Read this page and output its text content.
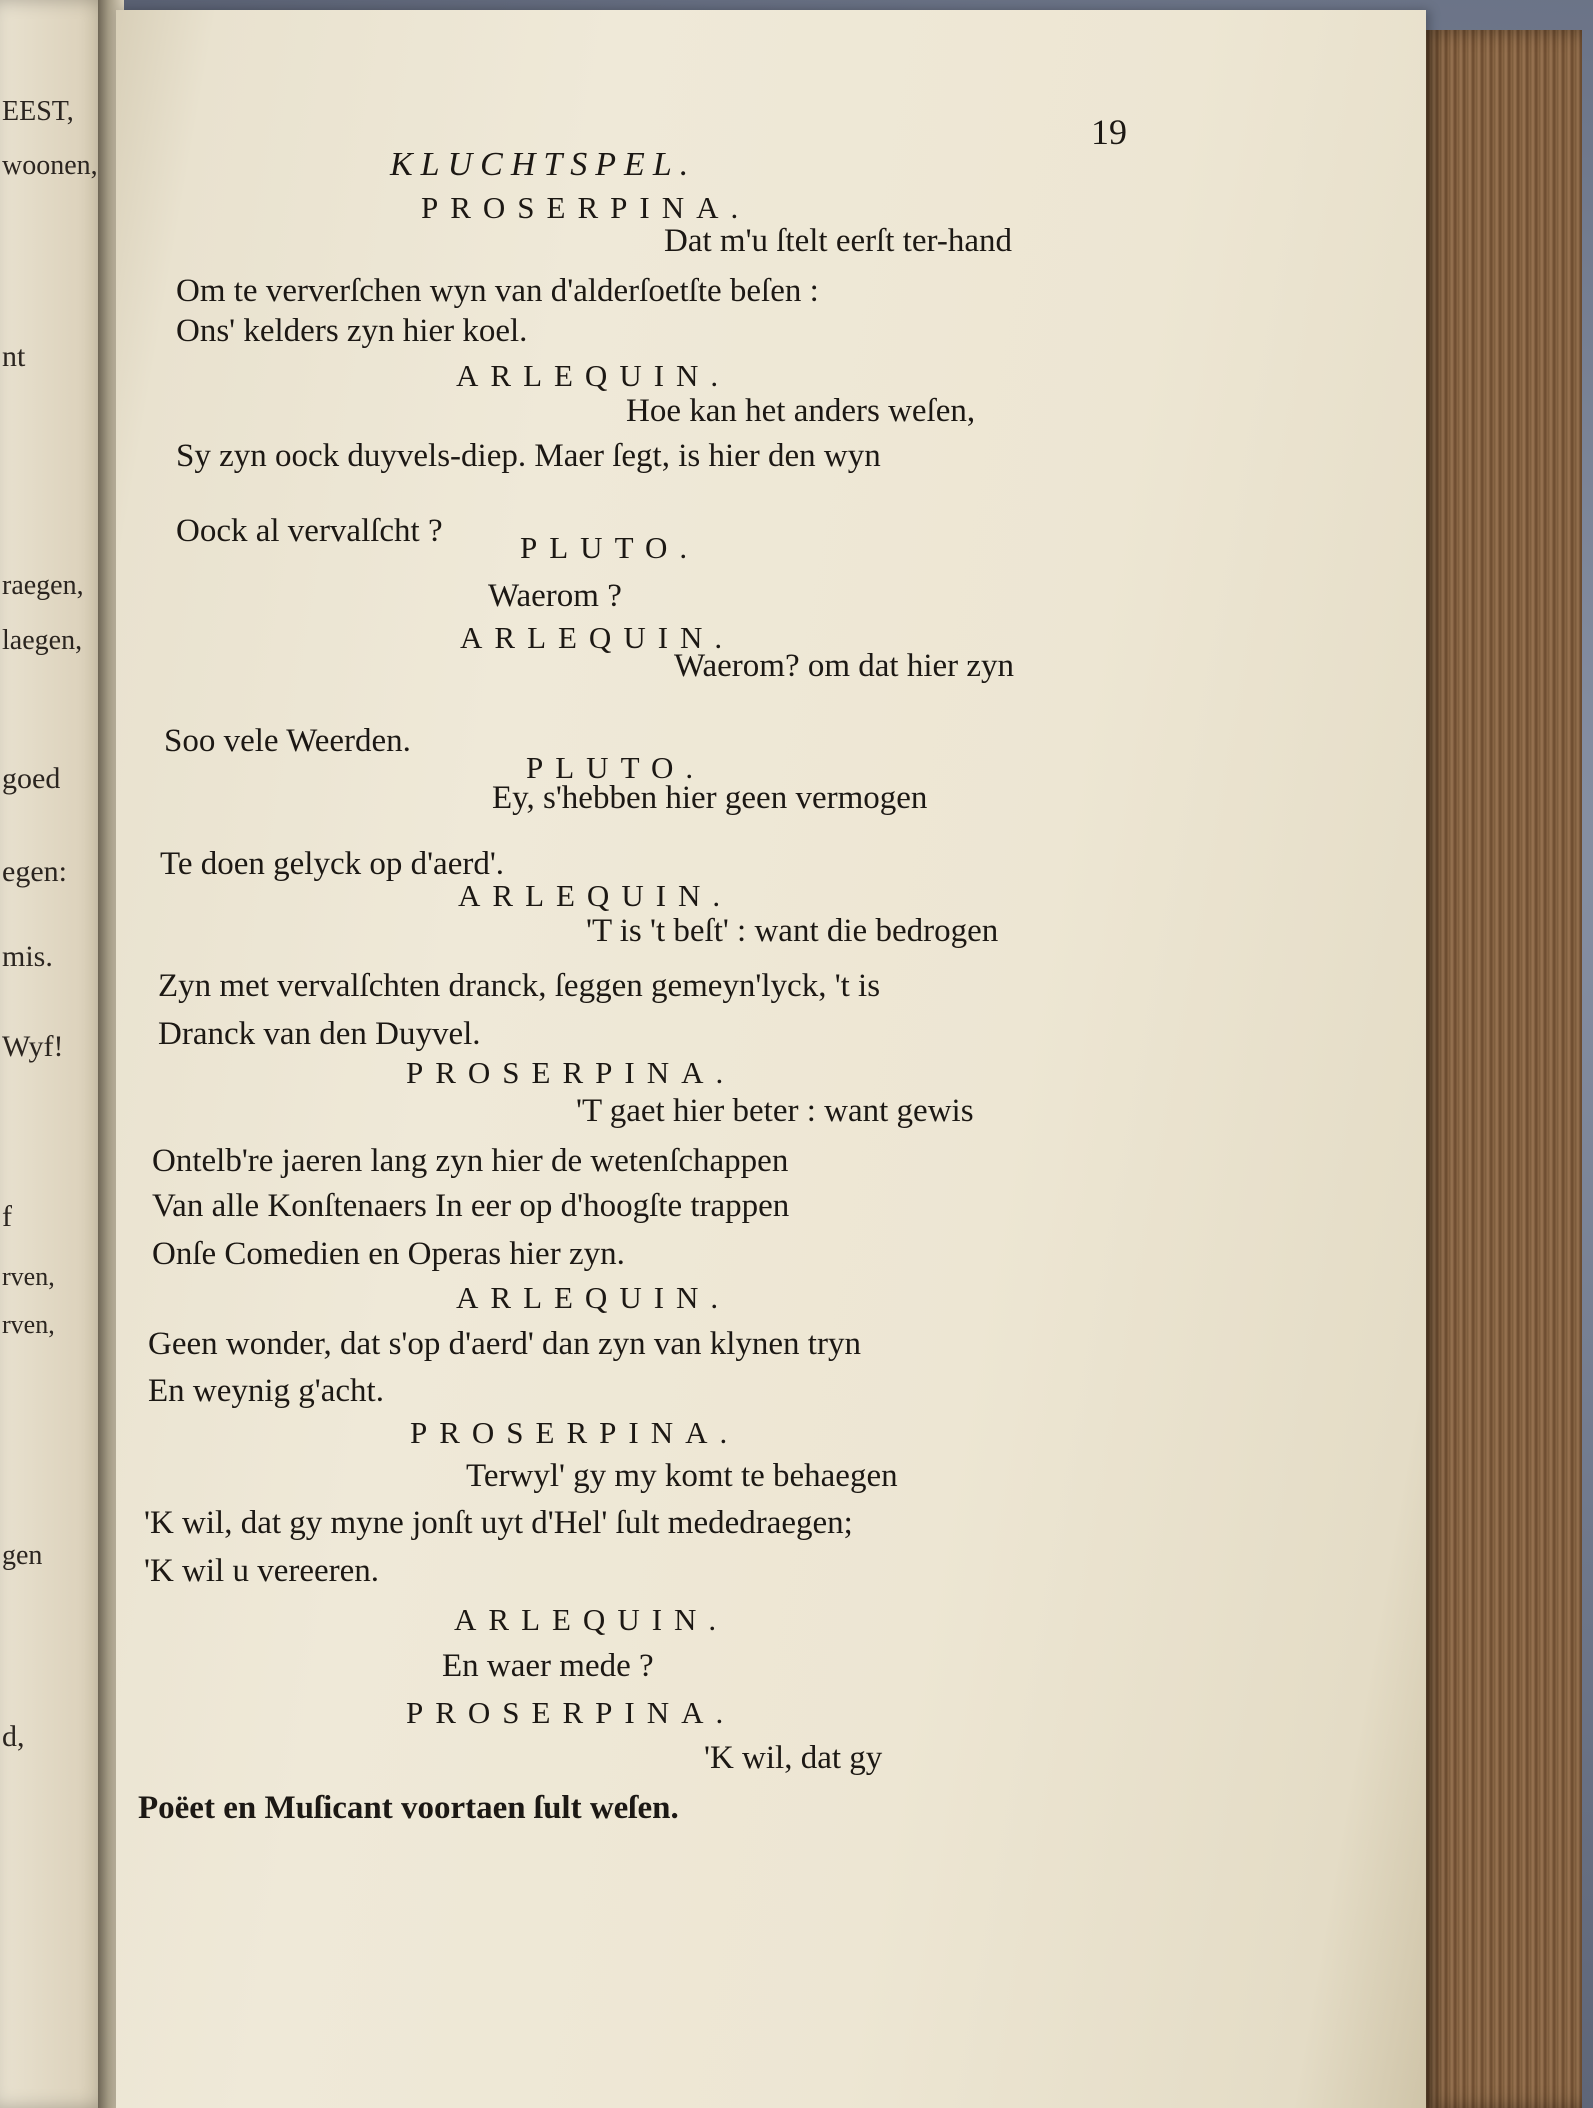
EEST,
woonen,
nt
raegen,
laegen,
goed
egen:
mis.
Wyf!
f
rven,
rven,
gen
d,
KLUCHTSPEL.
19
PROSERPINA.
Dat m'u ſtelt eerſt ter-hand
Om te ververſchen wyn van d'alderſoetſte beſen :
Ons' kelders zyn hier koel.
ARLEQUIN.
Hoe kan het anders weſen,
Sy zyn oock duyvels-diep. Maer ſegt, is hier den wyn
Oock al vervalſcht ? PLUTO.
Waerom ?
ARLEQUIN.
Waerom? om dat hier zyn
Soo vele Weerden.
PLUTO.
Ey, s'hebben hier geen vermogen
Te doen gelyck op d'aerd'.
ARLEQUIN.
'T is 't beſt' : want die bedrogen
Zyn met vervalſchten dranck, ſeggen gemeyn'lyck, 't is
Dranck van den Duyvel.
PROSERPINA.
'T gaet hier beter : want gewis
Ontelb're jaeren lang zyn hier de wetenſchappen
Van alle Konſtenaers In eer op d'hoogſte trappen
Onſe Comedien en Operas hier zyn.
ARLEQUIN.
Geen wonder, dat s'op d'aerd' dan zyn van klynen tryn
En weynig g'acht.
PROSERPINA.
Terwyl' gy my komt te behaegen
'K wil, dat gy myne jonſt uyt d'Hel' ſult mededraegen;
'K wil u vereeren.
ARLEQUIN.
En waer mede ?
PROSERPINA.
'K wil, dat gy
Poëet en Muſicant voortaen ſult weſen.
